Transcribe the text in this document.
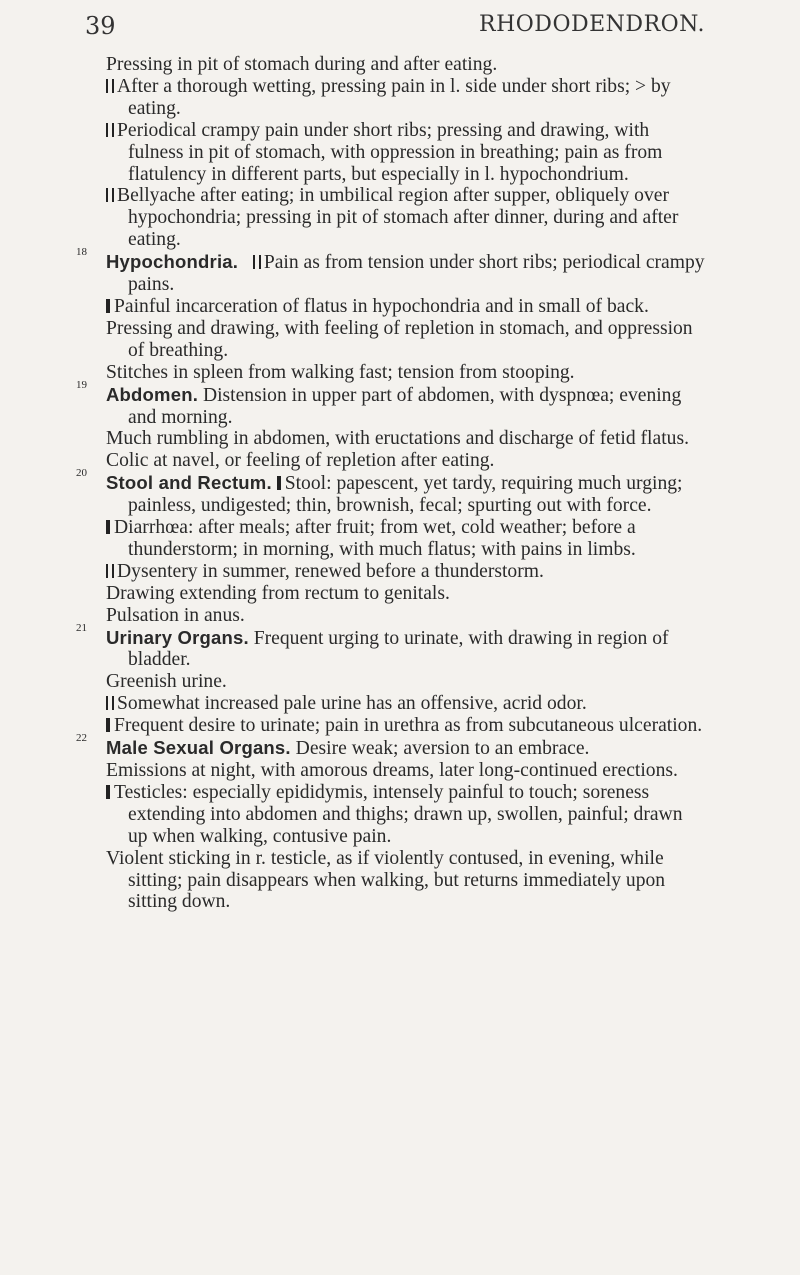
39	RHODODENDRON.

Pressing in pit of stomach during and after eating.

After a thorough wetting, pressing pain in l. side under short ribs; > by eating.

Periodical crampy pain under short ribs; pressing and drawing, with fulness in pit of stomach, with oppression in breathing; pain as from flatulency in different parts, but especially in l. hypochondrium.

Bellyache after eating; in umbilical region after supper, obliquely over hypochondria; pressing in pit of stomach after dinner, during and after eating.

18	Hypochondria. Pain as from tension under short ribs; periodical crampy pains.

Painful incarceration of flatus in hypochondria and in small of back.

Pressing and drawing, with feeling of repletion in stomach, and oppression of breathing.

Stitches in spleen from walking fast; tension from stooping.

19	Abdomen. Distension in upper part of abdomen, with dyspnœa; evening and morning.

Much rumbling in abdomen, with eructations and discharge of fetid flatus.

Colic at navel, or feeling of repletion after eating.

20	Stool and Rectum. Stool: papescent, yet tardy, requiring much urging; painless, undigested; thin, brownish, fecal; spurting out with force.

Diarrhœa: after meals; after fruit; from wet, cold weather; before a thunderstorm; in morning, with much flatus; with pains in limbs.

Dysentery in summer, renewed before a thunderstorm.

Drawing extending from rectum to genitals.

Pulsation in anus.

21	Urinary Organs. Frequent urging to urinate, with drawing in region of bladder.

Greenish urine.

Somewhat increased pale urine has an offensive, acrid odor.

Frequent desire to urinate; pain in urethra as from subcutaneous ulceration.

22	Male Sexual Organs. Desire weak; aversion to an embrace.

Emissions at night, with amorous dreams, later long-continued erections.

Testicles: especially epididymis, intensely painful to touch; soreness extending into abdomen and thighs; drawn up, swollen, painful; drawn up when walking, contusive pain.

Violent sticking in r. testicle, as if violently contused, in evening, while sitting; pain disappears when walking, but returns immediately upon sitting down.
